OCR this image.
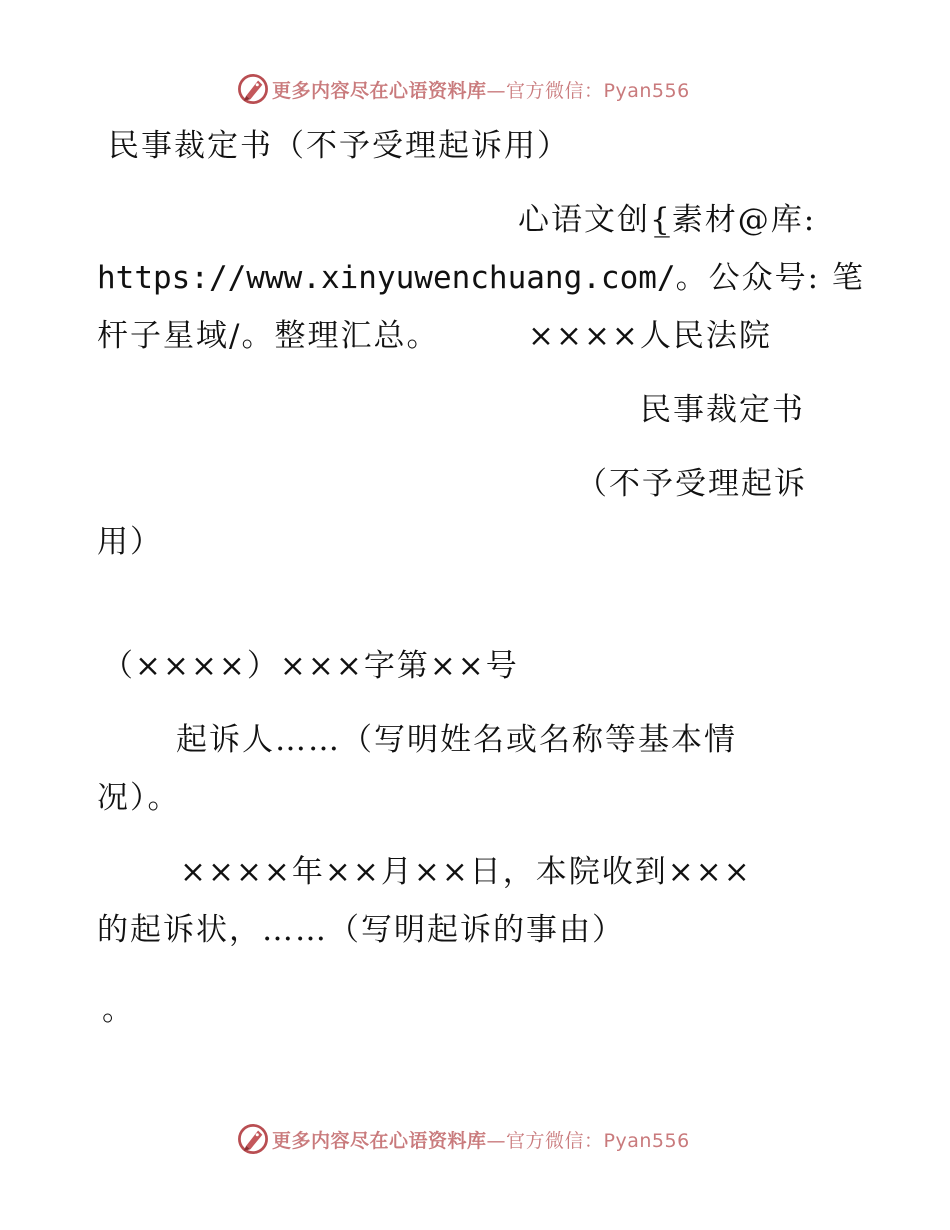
更多内容尽在心语资料库 —官方微信：Pyan556
民事裁定书（不予受理起诉用）
心语文创{̲素材@库:
https://www.xinyuwenchuang.com/。公众号: 笔
杆子星域/。整理汇总。	××××人民法院
民事裁定书
（不予受理起诉
用）
（××××）×××字第××号
起诉人……（写明姓名或名称等基本情
况）。
××××年××月××日，本院收到×××
的起诉状，……（写明起诉的事由）
。
更多内容尽在心语资料库 —官方微信：Pyan556
